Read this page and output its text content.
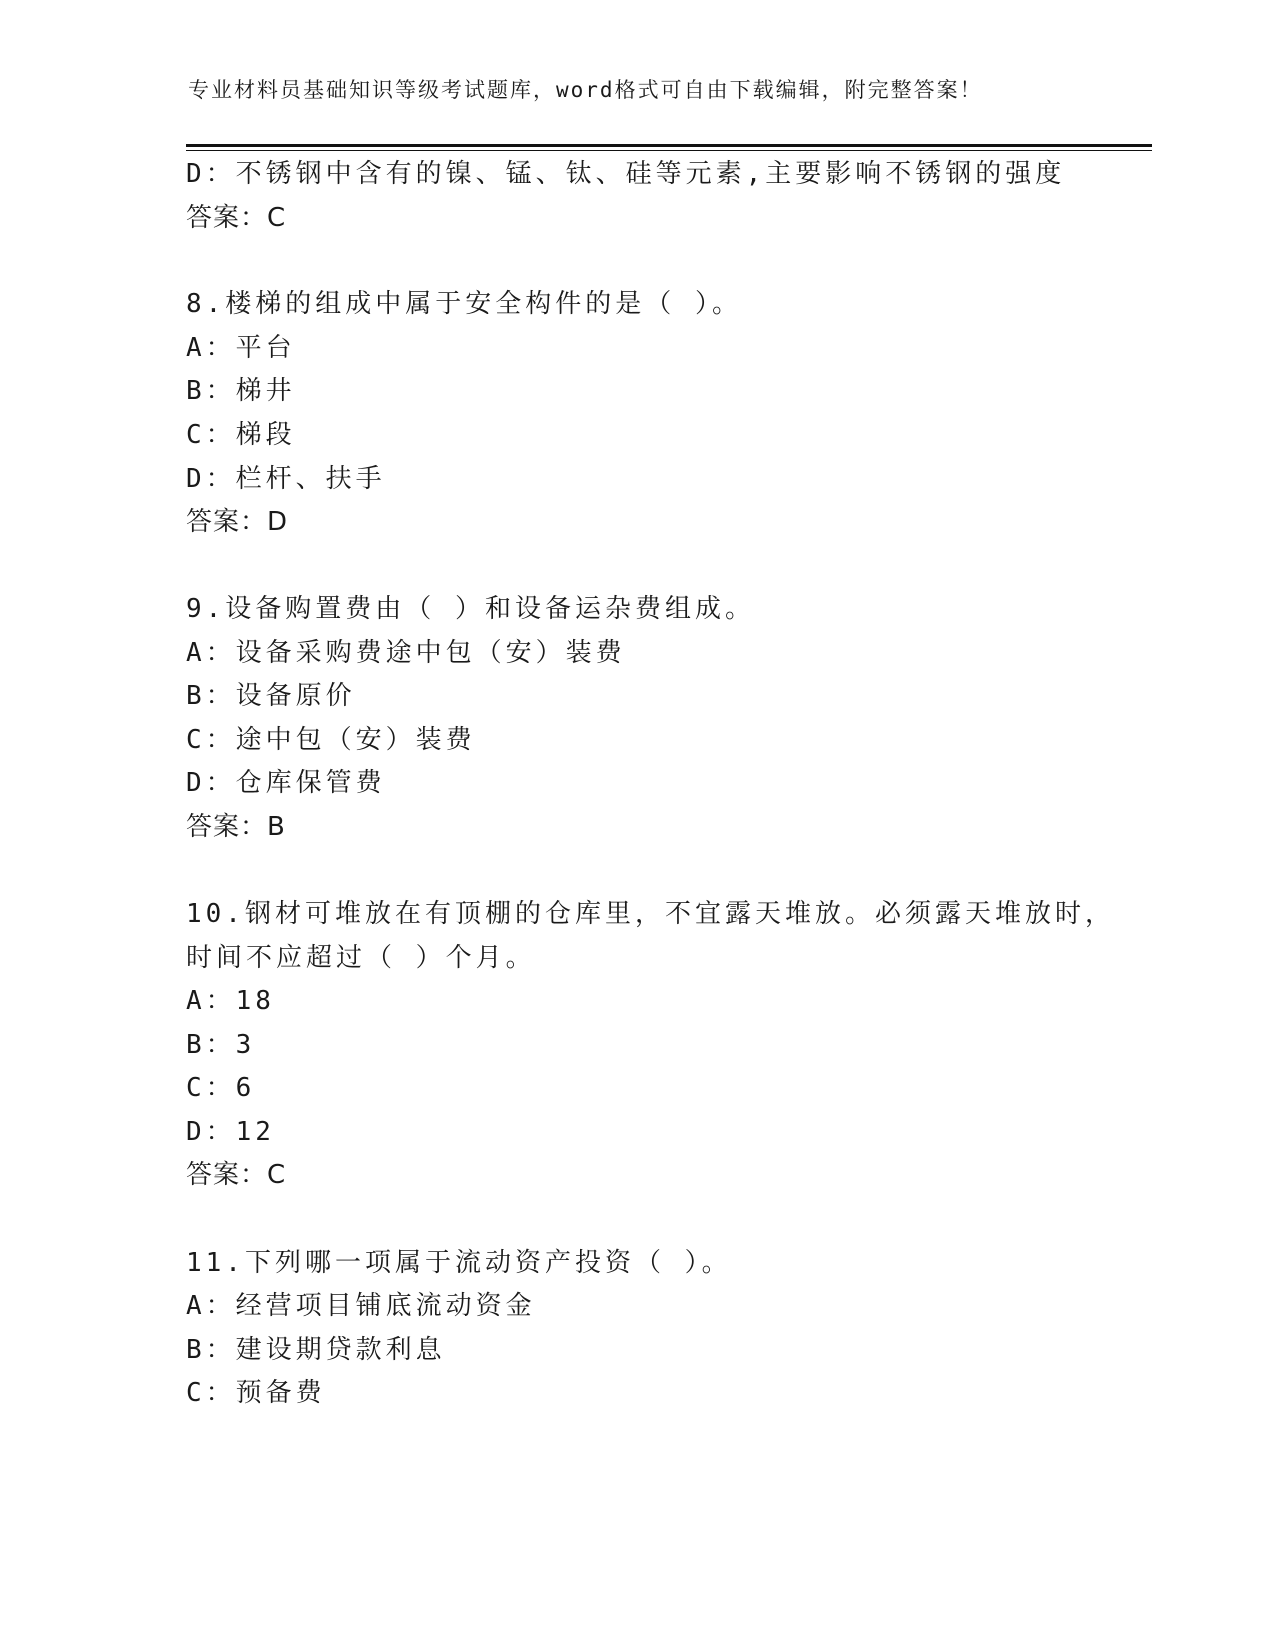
专业材料员基础知识等级考试题库，word格式可自由下载编辑，附完整答案！
D：不锈钢中含有的镍、锰、钛、硅等元素,主要影响不锈钢的强度
答案：C
8.楼梯的组成中属于安全构件的是（ ）。
A：平台
B：梯井
C：梯段
D：栏杆、扶手
答案：D
9.设备购置费由（ ）和设备运杂费组成。
A：设备采购费途中包（安）装费
B：设备原价
C：途中包（安）装费
D：仓库保管费
答案：B
10.钢材可堆放在有顶棚的仓库里，不宜露天堆放。必须露天堆放时，
时间不应超过（ ）个月。
A：18
B：3
C：6
D：12
答案：C
11.下列哪一项属于流动资产投资（ ）。
A：经营项目铺底流动资金
B：建设期贷款利息
C：预备费
